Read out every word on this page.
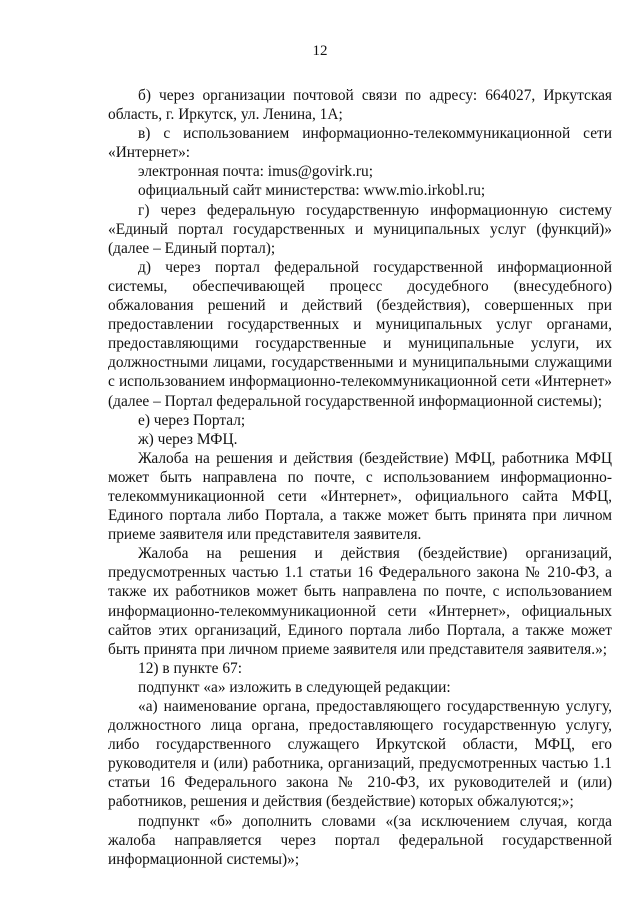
12

б) через организации почтовой связи по адресу: 664027, Иркутская область, г. Иркутск, ул. Ленина, 1А;

в) с использованием информационно-телекоммуникационной сети «Интернет»:

электронная почта: imus@govirk.ru;

официальный сайт министерства: www.mio.irkobl.ru;

г) через федеральную государственную информационную систему «Единый портал государственных и муниципальных услуг (функций)» (далее – Единый портал);

д) через портал федеральной государственной информационной системы, обеспечивающей процесс досудебного (внесудебного) обжалования решений и действий (бездействия), совершенных при предоставлении государственных и муниципальных услуг органами, предоставляющими государственные и муниципальные услуги, их должностными лицами, государственными и муниципальными служащими с использованием информационно-телекоммуникационной сети «Интернет» (далее – Портал федеральной государственной информационной системы);

е) через Портал;

ж) через МФЦ.

Жалоба на решения и действия (бездействие) МФЦ, работника МФЦ может быть направлена по почте, с использованием информационно-телекоммуникационной сети «Интернет», официального сайта МФЦ, Единого портала либо Портала, а также может быть принята при личном приеме заявителя или представителя заявителя.

Жалоба на решения и действия (бездействие) организаций, предусмотренных частью 1.1 статьи 16 Федерального закона № 210-ФЗ, а также их работников может быть направлена по почте, с использованием информационно-телекоммуникационной сети «Интернет», официальных сайтов этих организаций, Единого портала либо Портала, а также может быть принята при личном приеме заявителя или представителя заявителя.»;

12) в пункте 67:

подпункт «а» изложить в следующей редакции:

«а) наименование органа, предоставляющего государственную услугу, должностного лица органа, предоставляющего государственную услугу, либо государственного служащего Иркутской области, МФЦ, его руководителя и (или) работника, организаций, предусмотренных частью 1.1 статьи 16 Федерального закона № 210-ФЗ, их руководителей и (или) работников, решения и действия (бездействие) которых обжалуются;»;

подпункт «б» дополнить словами «(за исключением случая, когда жалоба направляется через портал федеральной государственной информационной системы)»;
